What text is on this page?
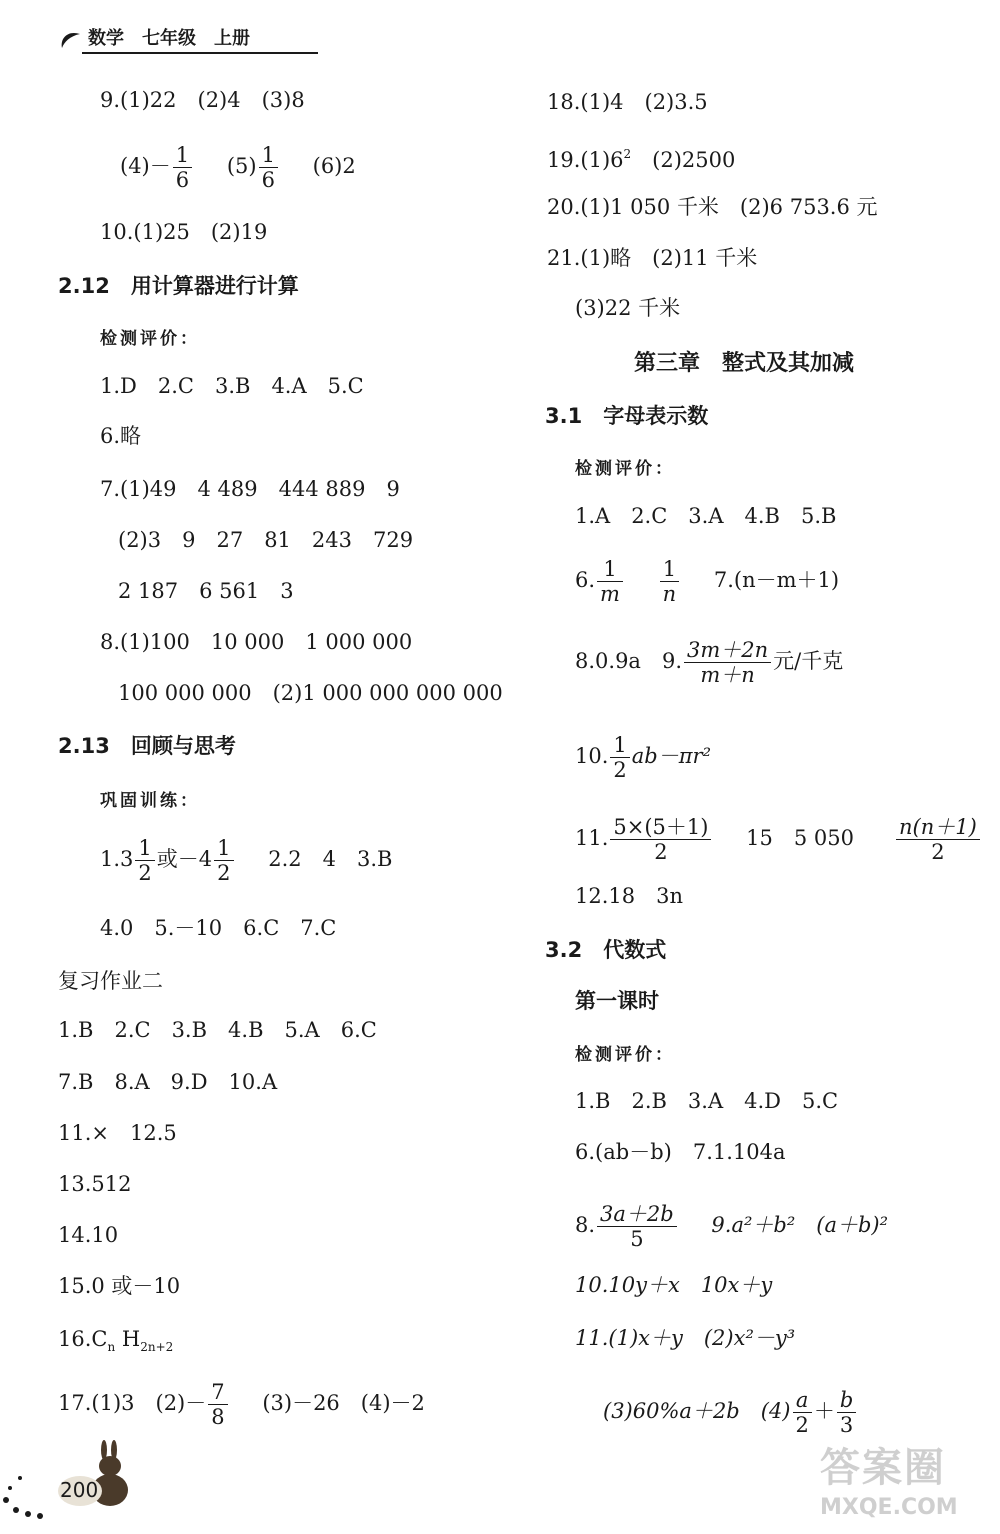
数学　七年级　上册
9.(1)22　(2)4　(3)8
$(4)- \frac{1}{6} (5) \frac{1}{6} (6)2$
10.(1)25　(2)19
2.12　用计算器进行计算
检测评价：
1.D　2.C　3.B　4.A　5.C
6.略
7.(1)49　4 489　444 889　9
(2)3　9　27　81　243　729
2 187　6 561　3
8.(1)100　10 000　1 000 000
100 000 000　(2)1 000 000 000 000
2.13　回顾与思考
巩固训练：
$1.3 \frac{1}{2}$ 或$-4 \frac{1}{2} 2.2$　4　3.B
4.0　5.－10　6.C　7.C
复习作业二
1.B　2.C　3.B　4.B　5.A　6.C
7.B　8.A　9.D　10.A
11.×　12.5
13.512
14.10
15.0 或－10
$16.C_n$ $H_{2n+2}$
17.(1)3　$(2)- \frac{7}{8} (3)-26$　(4)－2
200
18.(1)4　(2)3.5
$19.(1)6^2$　(2)2500
20.(1)1 050 千米　(2)6 753.6 元
21.(1)略　(2)11 千米
(3)22 千米
第三章　整式及其加减
3.1　字母表示数
检测评价：
1.A　2.C　3.A　4.B　5.B
6. $\frac{1}{m}$
$\frac{1}{n} 7.(n-m+1)$
8.0.9a　9. $\frac{3m+2n}{m+n}$ 元/千克
10. $\frac{1}{2} ab-\pi r^2$
11. $\frac{5\times(5+1)}{2} 15$　5 $050 \frac{n(n+1)}{2}$
12.18　3n
3.2　代数式
第一课时
检测评价：
1.B　2.B　3.A　4.D　5.C
6.(ab－b)　7.1.104a
8. $\frac{3a+2b}{5} 9.a^2+b^2$　(a＋b)²
10.10y＋x　10x＋y
11.(1)x＋y　(2)x²－y³
(3)60%a＋2b　$(4) \frac{a}{2} + \frac{b}{3}$
答案圈
MXQE.COM
